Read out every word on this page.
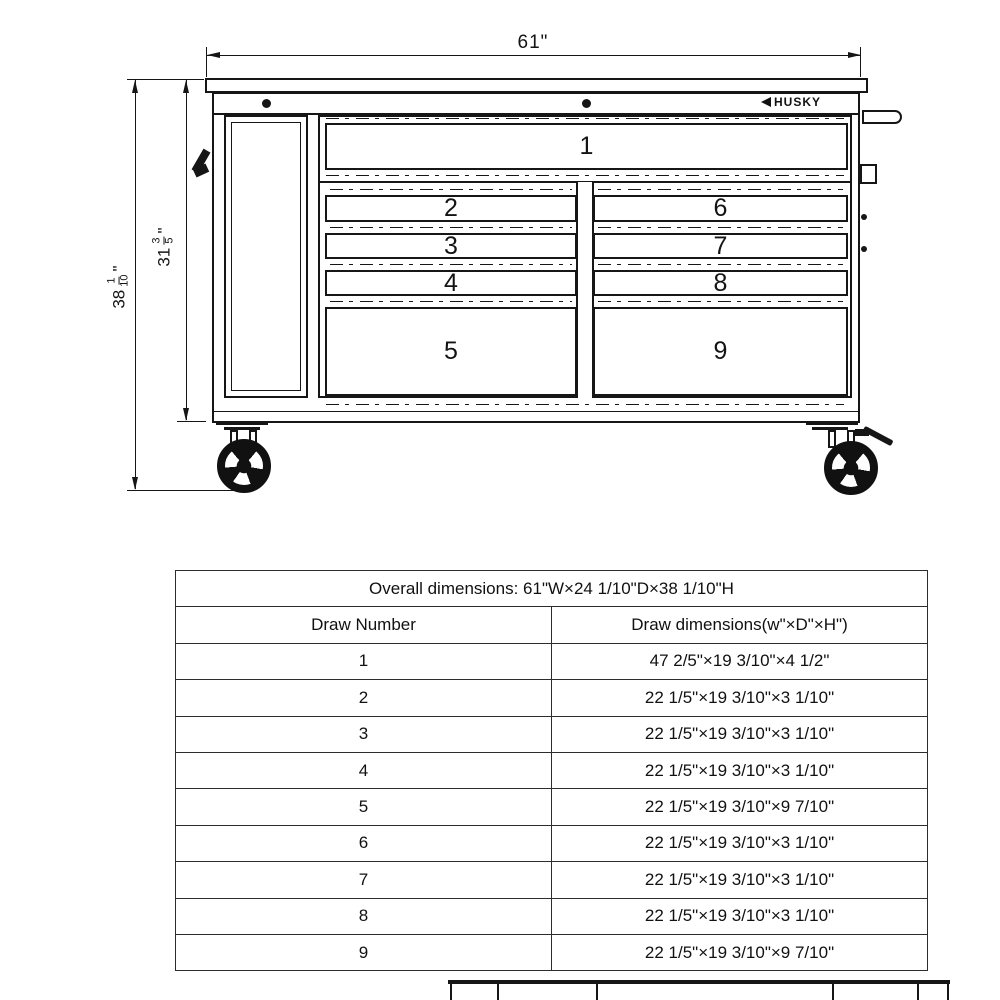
61"
38
1 10
"
31
3 5
"
HUSKY
1
2
3
4
5
6
7
8
9
Overall dimensions: 61"W×24 1/10"D×38 1/10"H	
Draw Number	Draw dimensions(w"×D"×H")
1	47 2/5"×19 3/10"×4 1/2"
2	22 1/5"×19 3/10"×3 1/10"
3	22 1/5"×19 3/10"×3 1/10"
4	22 1/5"×19 3/10"×3 1/10"
5	22 1/5"×19 3/10"×9 7/10"
6	22 1/5"×19 3/10"×3 1/10"
7	22 1/5"×19 3/10"×3 1/10"
8	22 1/5"×19 3/10"×3 1/10"
9	22 1/5"×19 3/10"×9 7/10"
